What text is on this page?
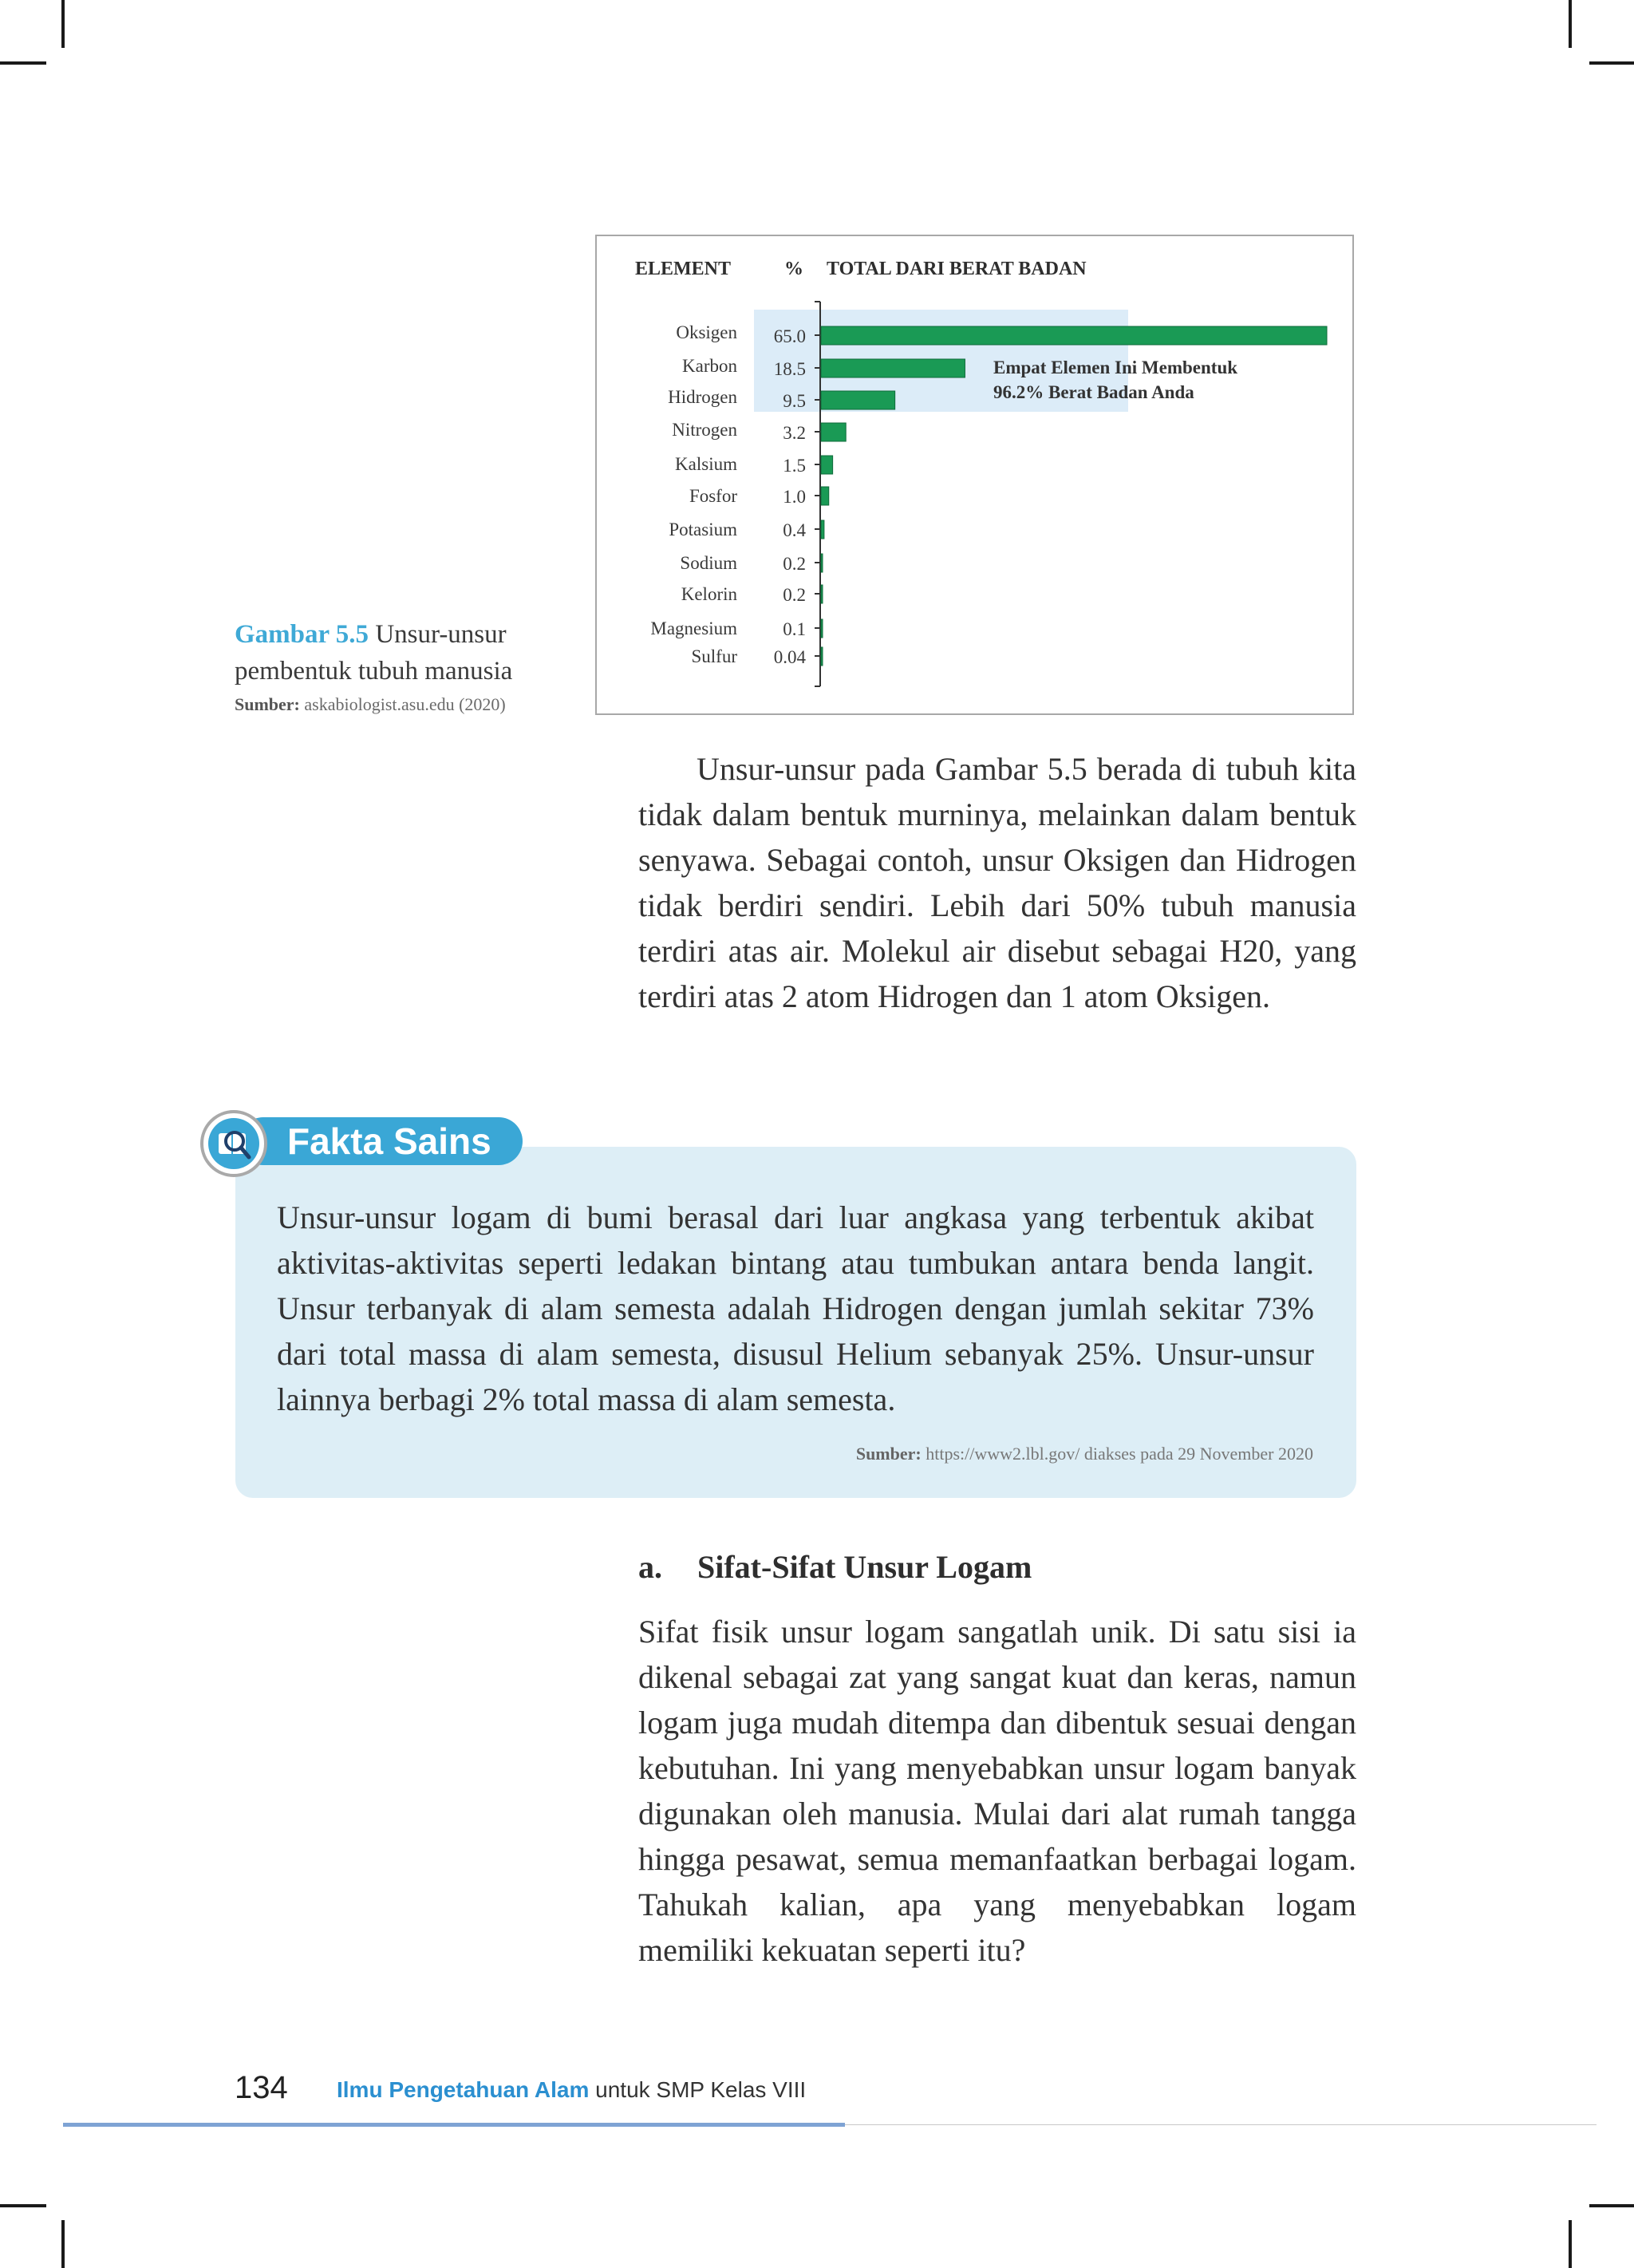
ELEMENT	% TOTAL DARI BERAT BADAN
Oksigen 65.0
Karbon 18.5
Hidrogen 9.5
Nitrogen 3.2
Kalsium 1.5
Fosfor 1.0
Potasium 0.4
Sodium 0.2
Kelorin 0.2
Magnesium 0.1
Sulfur 0.04
Empat Elemen Ini Membentuk
96.2% Berat Badan Anda
Gambar 5.5 Unsur-unsur
pembentuk tubuh manusia
Sumber: askabiologist.asu.edu (2020)

Unsur-unsur pada Gambar 5.5 berada di tubuh kita tidak dalam bentuk murninya, melainkan dalam bentuk senyawa. Sebagai contoh, unsur Oksigen dan Hidrogen tidak berdiri sendiri. Lebih dari 50% tubuh manusia terdiri atas air. Molekul air disebut sebagai H20, yang terdiri atas 2 atom Hidrogen dan 1 atom Oksigen.

Unsur-unsur logam di bumi berasal dari luar angkasa yang terbentuk akibat aktivitas-aktivitas seperti ledakan bintang atau tumbukan antara benda langit. Unsur terbanyak di alam semesta adalah Hidrogen dengan jumlah sekitar 73% dari total massa di alam semesta, disusul Helium sebanyak 25%. Unsur-unsur lainnya berbagi 2% total massa di alam semesta.

Sumber: https://www2.lbl.gov/ diakses pada 29 November 2020
Fakta Sains
a. Sifat-Sifat Unsur Logam

Sifat fisik unsur logam sangatlah unik. Di satu sisi ia dikenal sebagai zat yang sangat kuat dan keras, namun logam juga mudah ditempa dan dibentuk sesuai dengan kebutuhan. Ini yang menyebabkan unsur logam banyak digunakan oleh manusia. Mulai dari alat rumah tangga hingga pesawat, semua memanfaatkan berbagai logam. Tahukah kalian, apa yang menyebabkan logam memiliki kekuatan seperti itu?

134 Ilmu Pengetahuan Alam untuk SMP Kelas VIII
